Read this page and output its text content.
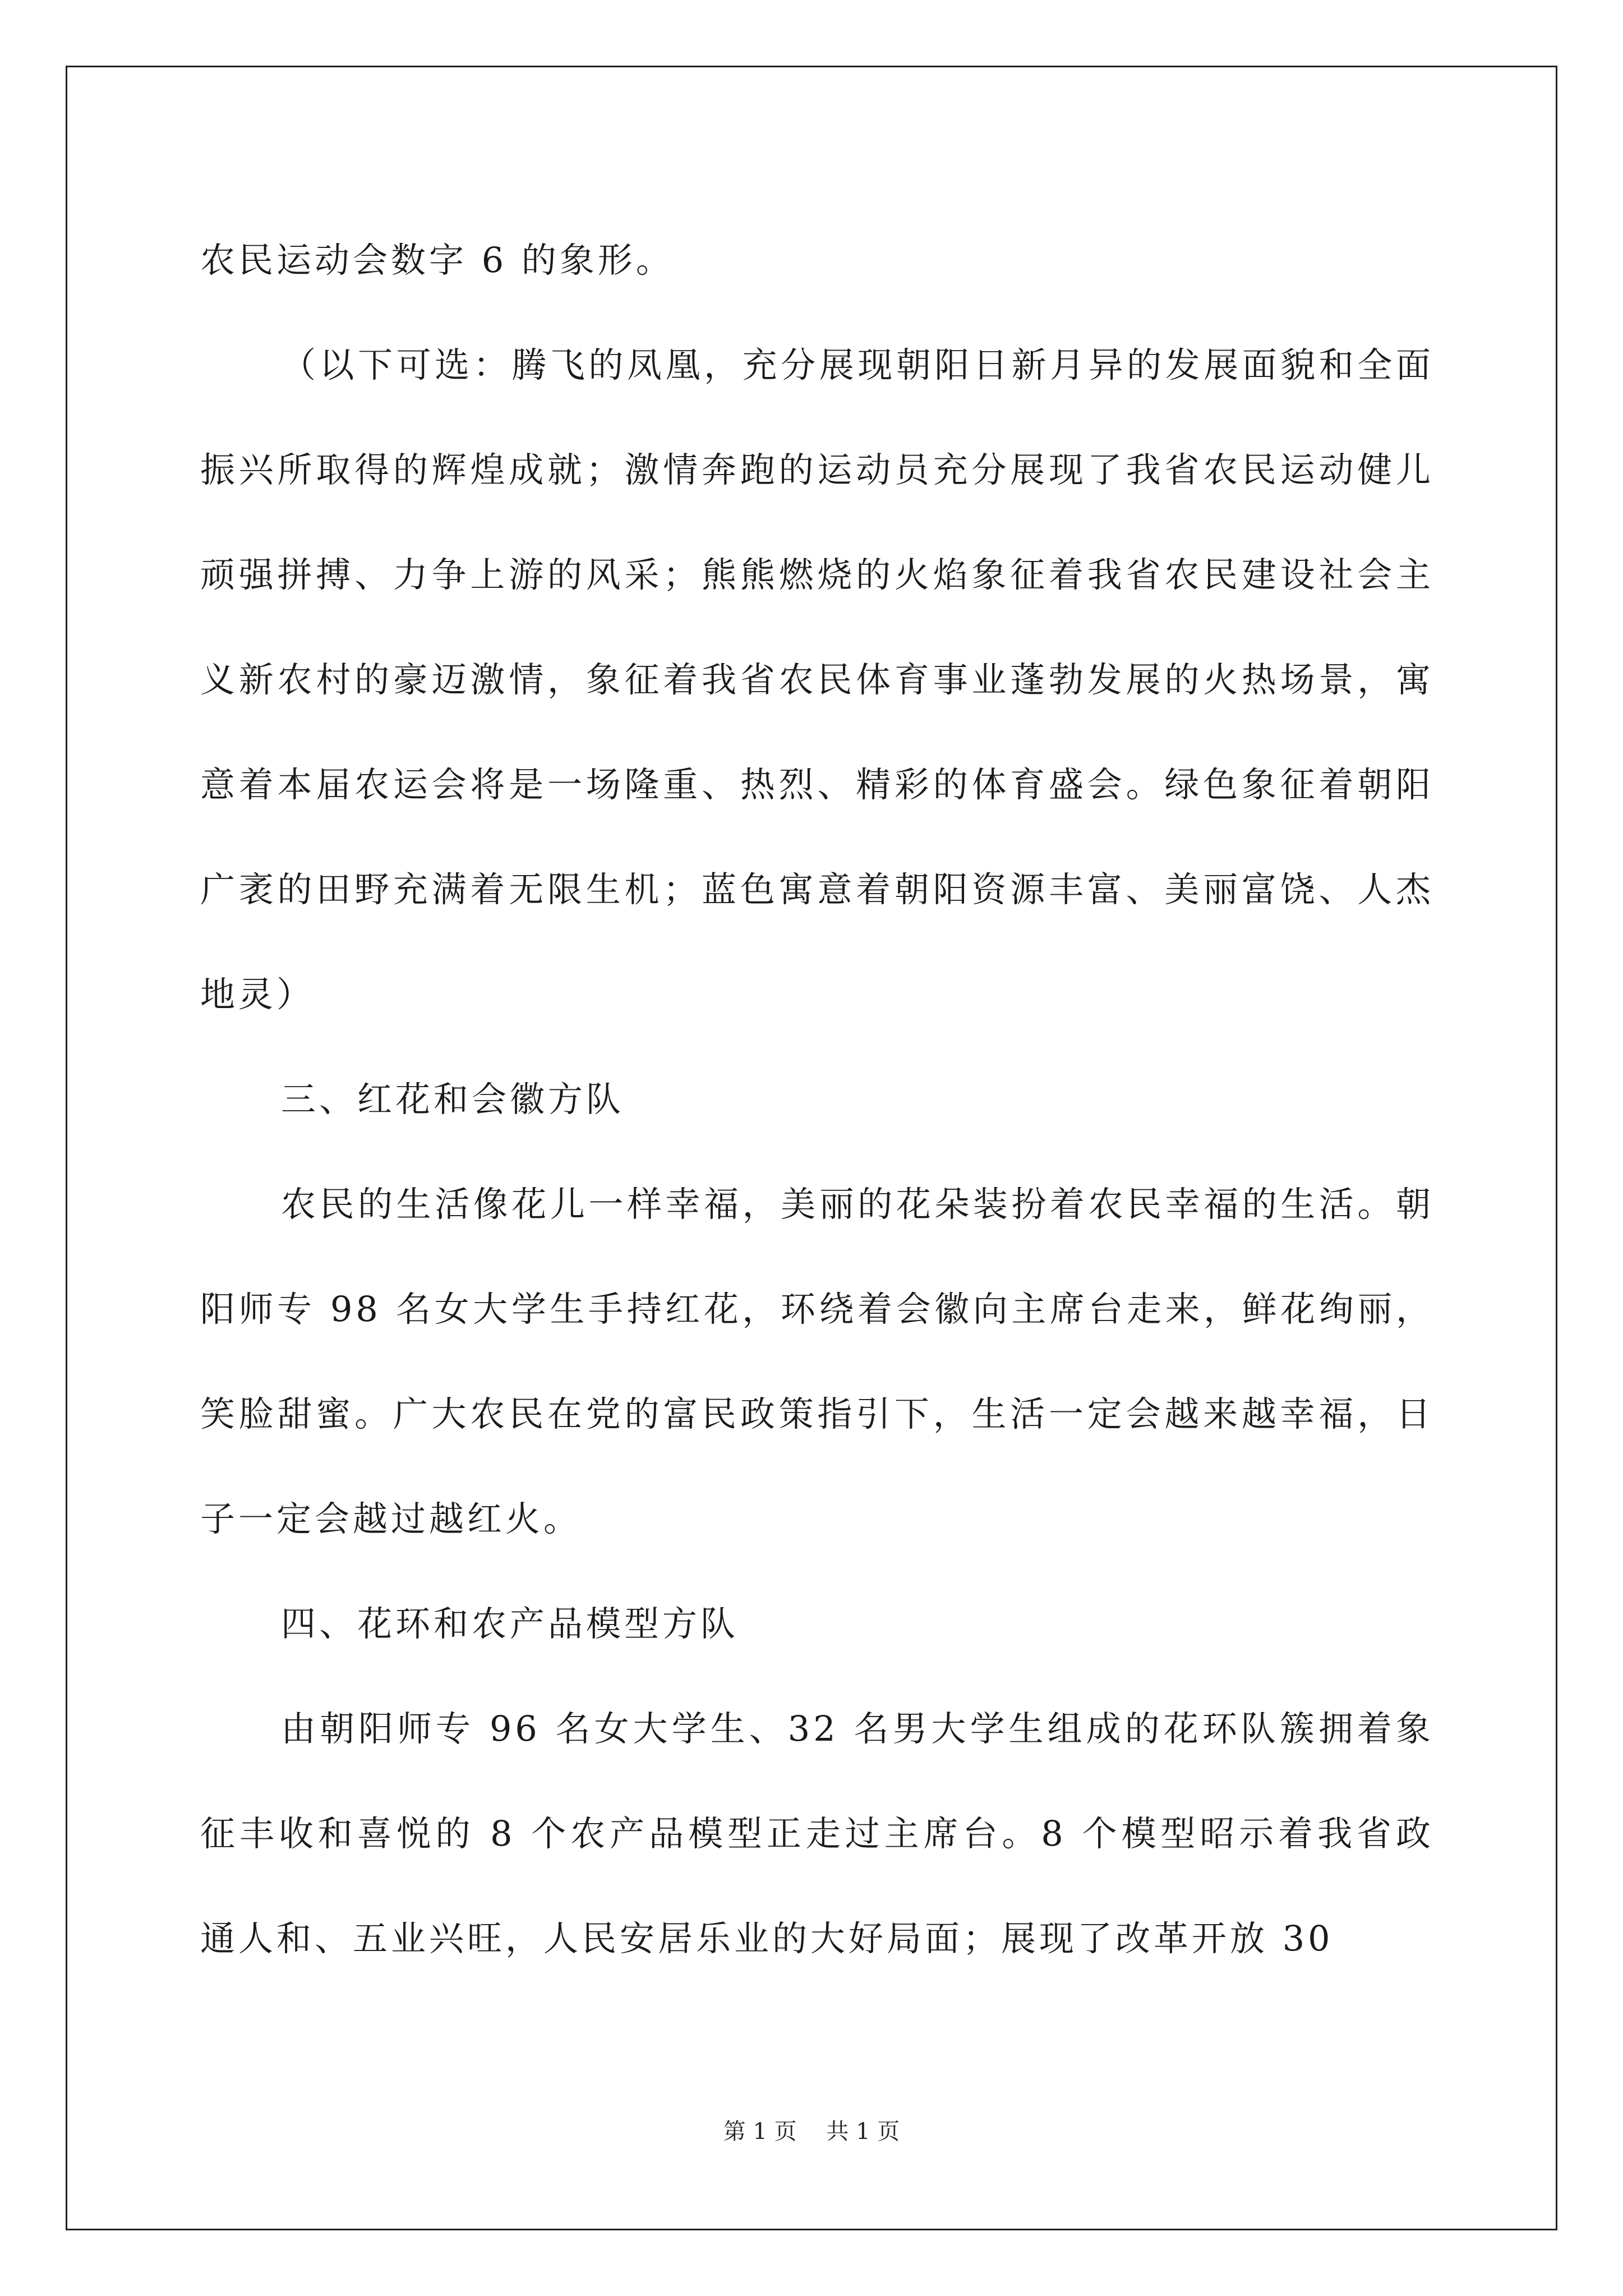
农民运动会数字 6 的象形。

（以下可选：腾飞的凤凰，充分展现朝阳日新月异的发展面貌和全面振兴所取得的辉煌成就；激情奔跑的运动员充分展现了我省农民运动健儿顽强拼搏、力争上游的风采；熊熊燃烧的火焰象征着我省农民建设社会主义新农村的豪迈激情，象征着我省农民体育事业蓬勃发展的火热场景，寓意着本届农运会将是一场隆重、热烈、精彩的体育盛会。绿色象征着朝阳广袤的田野充满着无限生机；蓝色寓意着朝阳资源丰富、美丽富饶、人杰地灵）

三、红花和会徽方队

农民的生活像花儿一样幸福，美丽的花朵装扮着农民幸福的生活。朝阳师专 98 名女大学生手持红花，环绕着会徽向主席台走来，鲜花绚丽，笑脸甜蜜。广大农民在党的富民政策指引下，生活一定会越来越幸福，日子一定会越过越红火。

四、花环和农产品模型方队

由朝阳师专 96 名女大学生、32 名男大学生组成的花环队簇拥着象征丰收和喜悦的 8 个农产品模型正走过主席台。8 个模型昭示着我省政通人和、五业兴旺，人民安居乐业的大好局面；展现了改革开放 30

第 1 页 共 1 页
